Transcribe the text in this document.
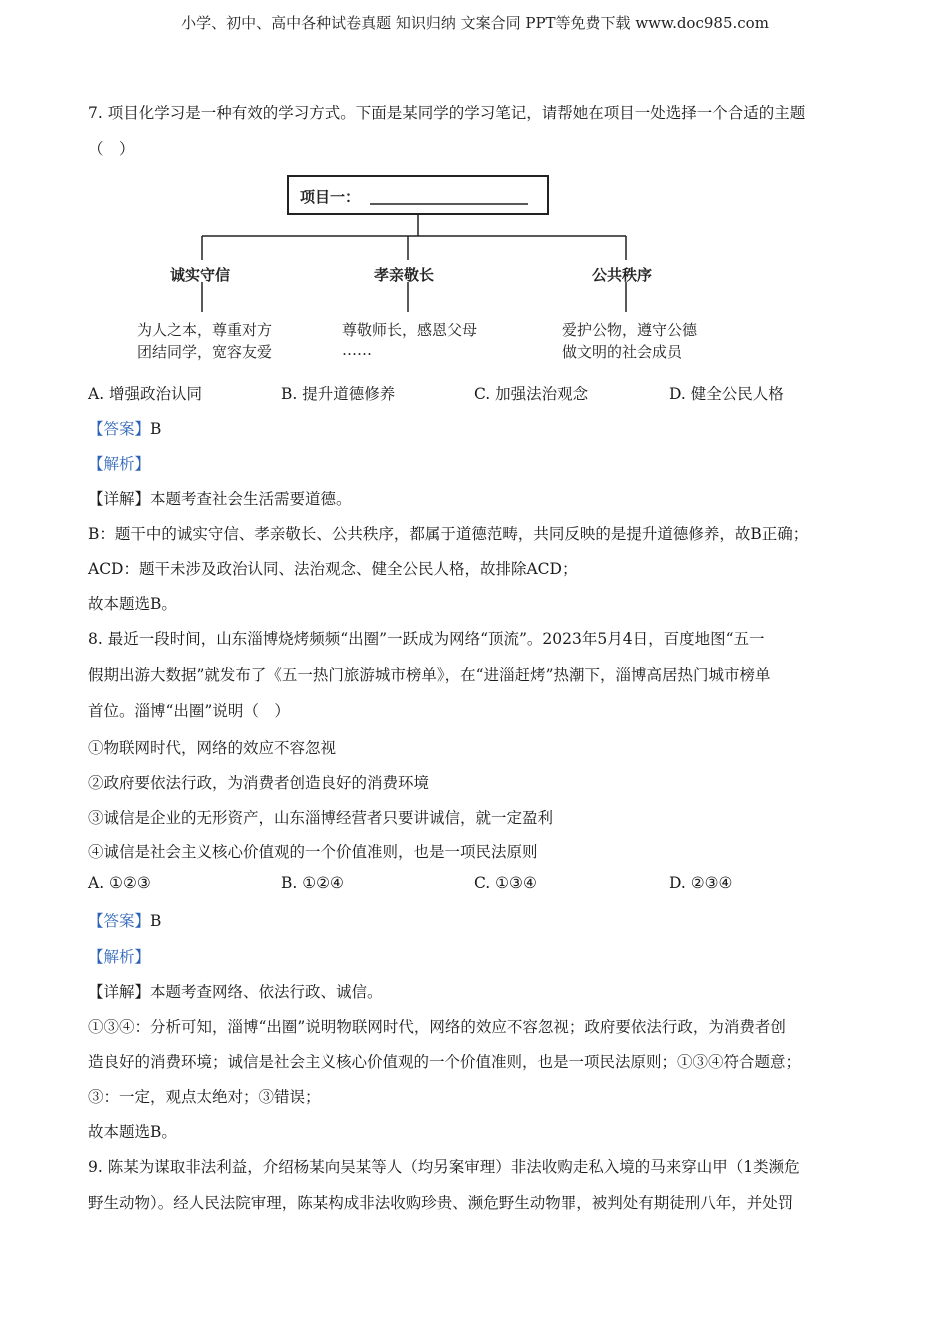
小学、初中、高中各种试卷真题 知识归纳 文案合同 PPT等免费下载 www.doc985.com
7. 项目化学习是一种有效的学习方式。下面是某同学的学习笔记，请帮她在项目一处选择一个合适的主题
（　）
项目一：
诚实守信
为人之本，尊重对方
团结同学，宽容友爱
孝亲敬长
尊敬师长，感恩父母
……
公共秩序
爱护公物，遵守公德
做文明的社会成员
A. 增强政治认同	B. 提升道德修养	C. 加强法治观念	D. 健全公民人格
【答案】B
【解析】
【详解】本题考查社会生活需要道德。
B：题干中的诚实守信、孝亲敬长、公共秩序，都属于道德范畴，共同反映的是提升道德修养，故B正确；
ACD：题干未涉及政治认同、法治观念、健全公民人格，故排除ACD；
故本题选B。
8. 最近一段时间，山东淄博烧烤频频“出圈”一跃成为网络“顶流”。2023年5月4日，百度地图“五一
假期出游大数据”就发布了《五一热门旅游城市榜单》，在“进淄赶烤”热潮下，淄博高居热门城市榜单
首位。淄博“出圈”说明（　）
①物联网时代，网络的效应不容忽视
②政府要依法行政，为消费者创造良好的消费环境
③诚信是企业的无形资产，山东淄博经营者只要讲诚信，就一定盈利
④诚信是社会主义核心价值观的一个价值准则，也是一项民法原则
A. ①②③	B. ①②④	C. ①③④	D. ②③④
【答案】B
【解析】
【详解】本题考查网络、依法行政、诚信。
①③④：分析可知，淄博“出圈”说明物联网时代，网络的效应不容忽视；政府要依法行政，为消费者创
造良好的消费环境；诚信是社会主义核心价值观的一个价值准则，也是一项民法原则；①③④符合题意；
③：一定，观点太绝对；③错误；
故本题选B。
9. 陈某为谋取非法利益，介绍杨某向吴某等人（均另案审理）非法收购走私入境的马来穿山甲（1类濒危
野生动物）。经人民法院审理，陈某构成非法收购珍贵、濒危野生动物罪，被判处有期徒刑八年，并处罚
